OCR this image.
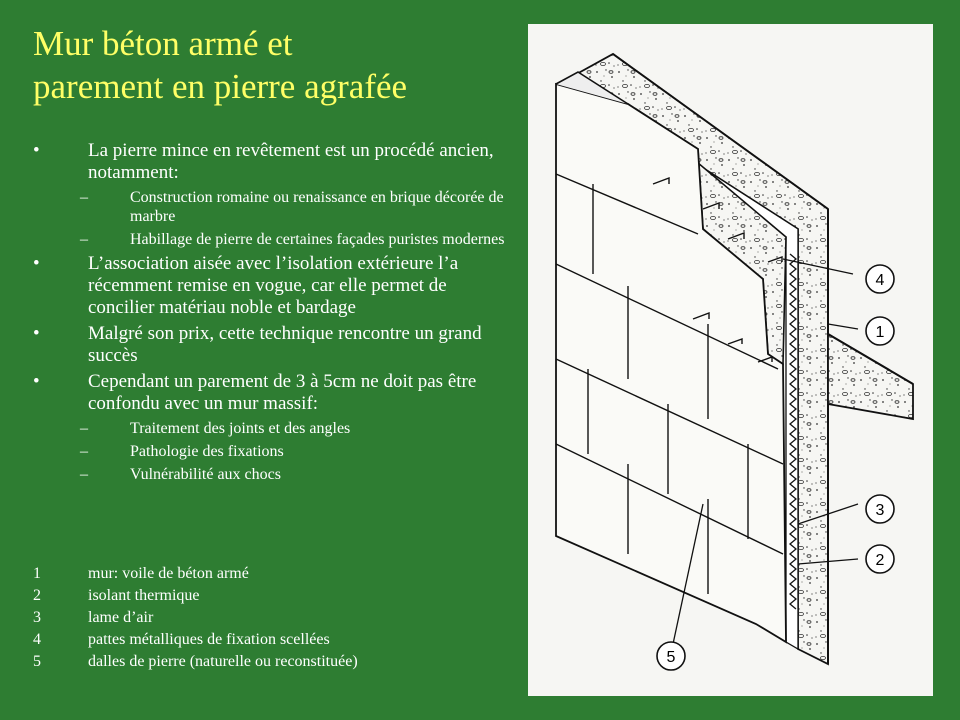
Mur béton armé et
parement en pierre agrafée
•	La pierre mince en revêtement est un procédé ancien, notamment:
–	Construction romaine ou renaissance en brique décorée de marbre
–	Habillage de pierre de certaines façades puristes modernes
•	L’association aisée avec l’isolation extérieure l’a récemment remise en vogue, car elle permet de concilier matériau noble et bardage
•	Malgré son prix, cette technique rencontre un grand succès
•	Cependant un parement de 3 à 5cm ne doit pas être confondu avec un mur massif:
–	Traitement des joints et des angles
–	Pathologie des fixations
–	Vulnérabilité aux chocs
1	mur: voile de béton armé
2	isolant thermique
3	lame d’air
4	pattes métalliques de fixation scellées
5	dalles de pierre (naturelle ou reconstituée)
4
1
3
2
5
